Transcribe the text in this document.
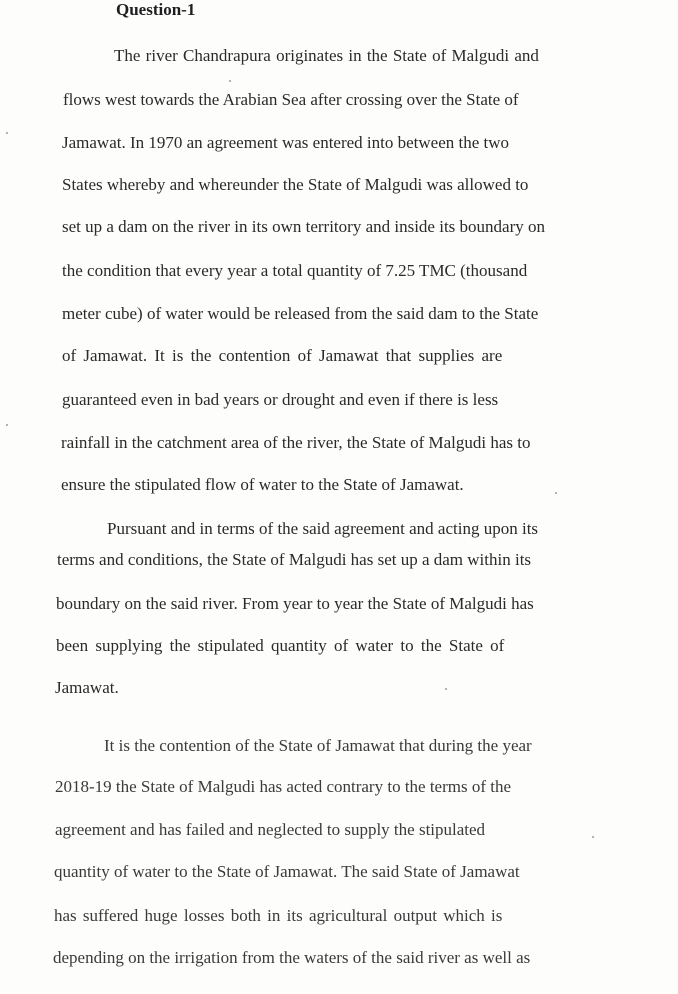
Question-1
The river Chandrapura originates in the State of Malgudi and
flows west towards the Arabian Sea after crossing over the State of
Jamawat. In 1970 an agreement was entered into between the two
States whereby and whereunder the State of Malgudi was allowed to
set up a dam on the river in its own territory and inside its boundary on
the condition that every year a total quantity of 7.25 TMC (thousand
meter cube) of water would be released from the said dam to the State
of Jamawat. It is the contention of Jamawat that supplies are
guaranteed even in bad years or drought and even if there is less
rainfall in the catchment area of the river, the State of Malgudi has to
ensure the stipulated flow of water to the State of Jamawat.
Pursuant and in terms of the said agreement and acting upon its
terms and conditions, the State of Malgudi has set up a dam within its
boundary on the said river. From year to year the State of Malgudi has
been supplying the stipulated quantity of water to the State of
Jamawat.
It is the contention of the State of Jamawat that during the year
2018-19 the State of Malgudi has acted contrary to the terms of the
agreement and has failed and neglected to supply the stipulated
quantity of water to the State of Jamawat. The said State of Jamawat
has suffered huge losses both in its agricultural output which is
depending on the irrigation from the waters of the said river as well as
